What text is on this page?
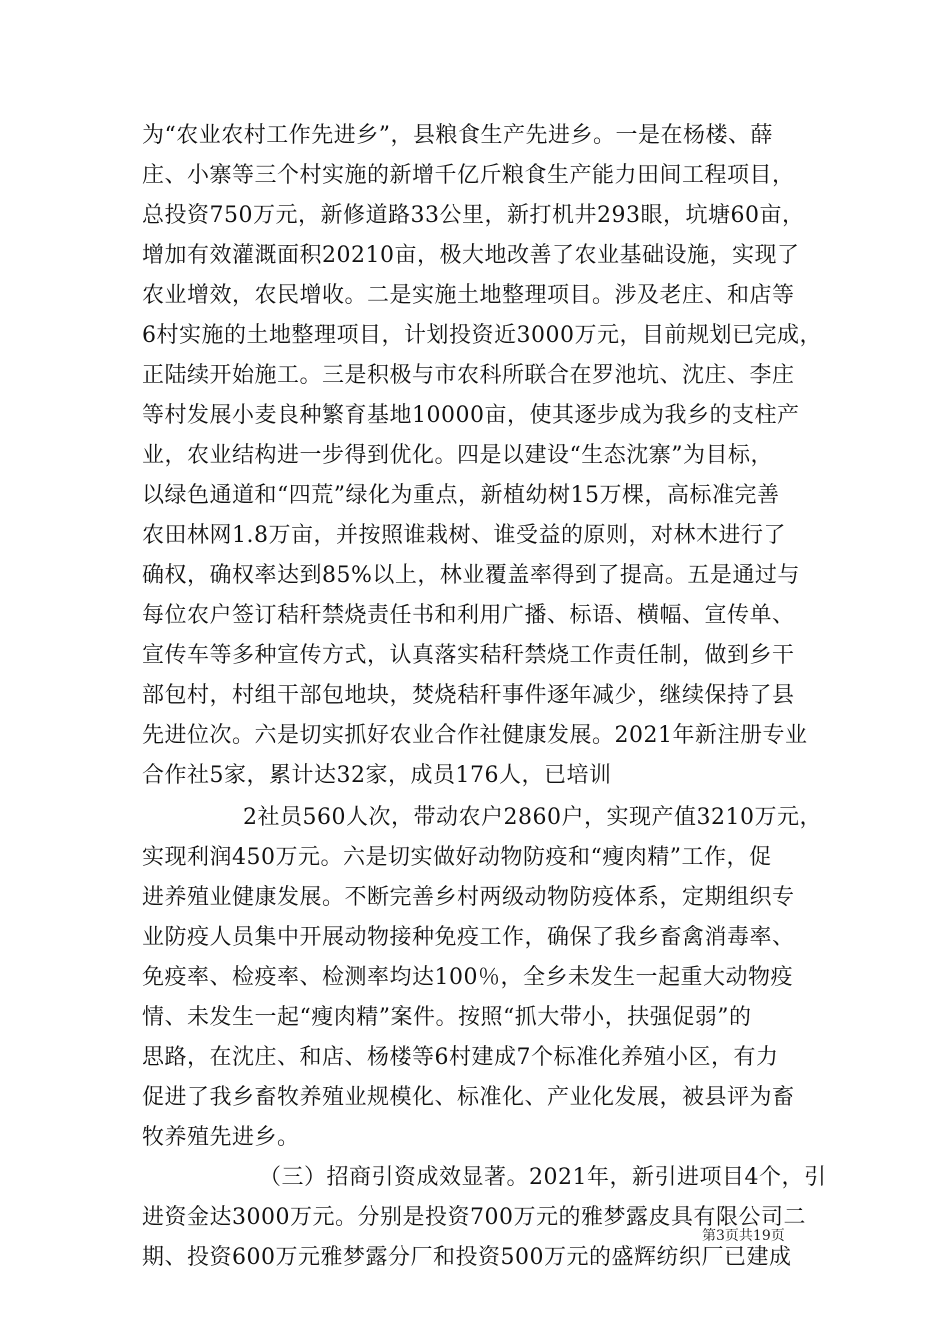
为“农业农村工作先进乡”，县粮食生产先进乡。一是在杨楼、薛
庄、小寨等三个村实施的新增千亿斤粮食生产能力田间工程项目，
总投资750万元，新修道路33公里，新打机井293眼，坑塘60亩，
增加有效灌溉面积20210亩，极大地改善了农业基础设施，实现了
农业增效，农民增收。二是实施土地整理项目。涉及老庄、和店等
6村实施的土地整理项目，计划投资近3000万元，目前规划已完成，
正陆续开始施工。三是积极与市农科所联合在罗池坑、沈庄、李庄
等村发展小麦良种繁育基地10000亩，使其逐步成为我乡的支柱产
业，农业结构进一步得到优化。四是以建设“生态沈寨”为目标，
以绿色通道和“四荒”绿化为重点，新植幼树15万棵，高标准完善
农田林网1.8万亩，并按照谁栽树、谁受益的原则，对林木进行了
确权，确权率达到85%以上，林业覆盖率得到了提高。五是通过与
每位农户签订秸秆禁烧责任书和利用广播、标语、横幅、宣传单、
宣传车等多种宣传方式，认真落实秸秆禁烧工作责任制，做到乡干
部包村，村组干部包地块，焚烧秸秆事件逐年减少，继续保持了县
先进位次。六是切实抓好农业合作社健康发展。2021年新注册专业
合作社5家，累计达32家，成员176人，已培训
2社员560人次，带动农户2860户，实现产值3210万元，
实现利润450万元。六是切实做好动物防疫和“瘦肉精”工作，促
进养殖业健康发展。不断完善乡村两级动物防疫体系，定期组织专
业防疫人员集中开展动物接种免疫工作，确保了我乡畜禽消毒率、
免疫率、检疫率、检测率均达100％，全乡未发生一起重大动物疫
情、未发生一起“瘦肉精”案件。按照“抓大带小，扶强促弱”的
思路，在沈庄、和店、杨楼等6村建成7个标准化养殖小区，有力
促进了我乡畜牧养殖业规模化、标准化、产业化发展，被县评为畜
牧养殖先进乡。
（三）招商引资成效显著。2021年，新引进项目4个，引
进资金达3000万元。分别是投资700万元的雅梦露皮具有限公司二
期、投资600万元雅梦露分厂和投资500万元的盛辉纺织厂已建成
第3页共19页
